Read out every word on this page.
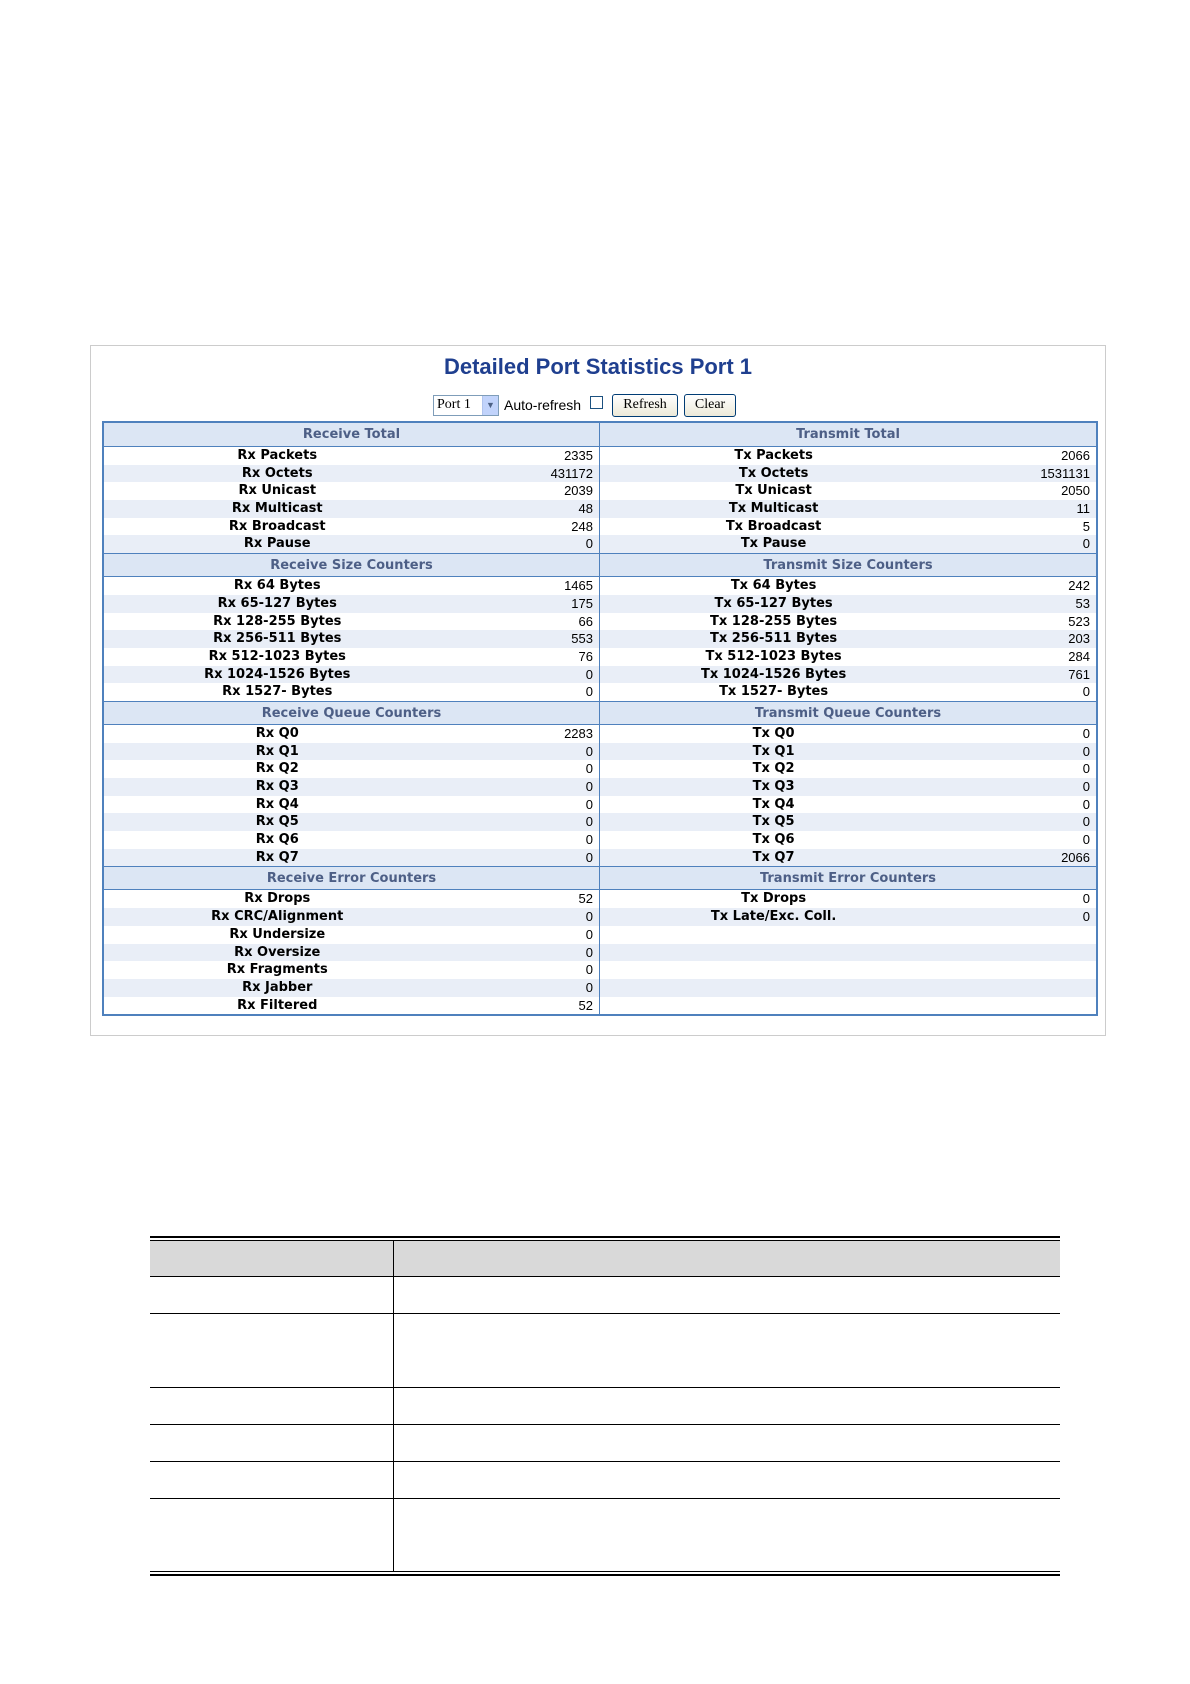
Detailed Port Statistics Port 1
Port 1	▼ Auto-refresh	Refresh	Clear
Receive Total
Rx Packets	2335
Rx Octets	431172
Rx Unicast	2039
Rx Multicast	48
Rx Broadcast	248
Rx Pause	0
Receive Size Counters
Rx 64 Bytes	1465
Rx 65-127 Bytes	175
Rx 128-255 Bytes	66
Rx 256-511 Bytes	553
Rx 512-1023 Bytes	76
Rx 1024-1526 Bytes	0
Rx 1527- Bytes	0
Receive Queue Counters
Rx Q0	2283
Rx Q1	0
Rx Q2	0
Rx Q3	0
Rx Q4	0
Rx Q5	0
Rx Q6	0
Rx Q7	0
Receive Error Counters
Rx Drops	52
Rx CRC/Alignment	0
Rx Undersize	0
Rx Oversize	0
Rx Fragments	0
Rx Jabber	0
Rx Filtered	52
Transmit Total
Tx Packets	2066
Tx Octets	1531131
Tx Unicast	2050
Tx Multicast	11
Tx Broadcast	5
Tx Pause	0
Transmit Size Counters
Tx 64 Bytes	242
Tx 65-127 Bytes	53
Tx 128-255 Bytes	523
Tx 256-511 Bytes	203
Tx 512-1023 Bytes	284
Tx 1024-1526 Bytes	761
Tx 1527- Bytes	0
Transmit Queue Counters
Tx Q0	0
Tx Q1	0
Tx Q2	0
Tx Q3	0
Tx Q4	0
Tx Q5	0
Tx Q6	0
Tx Q7	2066
Transmit Error Counters
Tx Drops	0
Tx Late/Exc. Coll.	0
